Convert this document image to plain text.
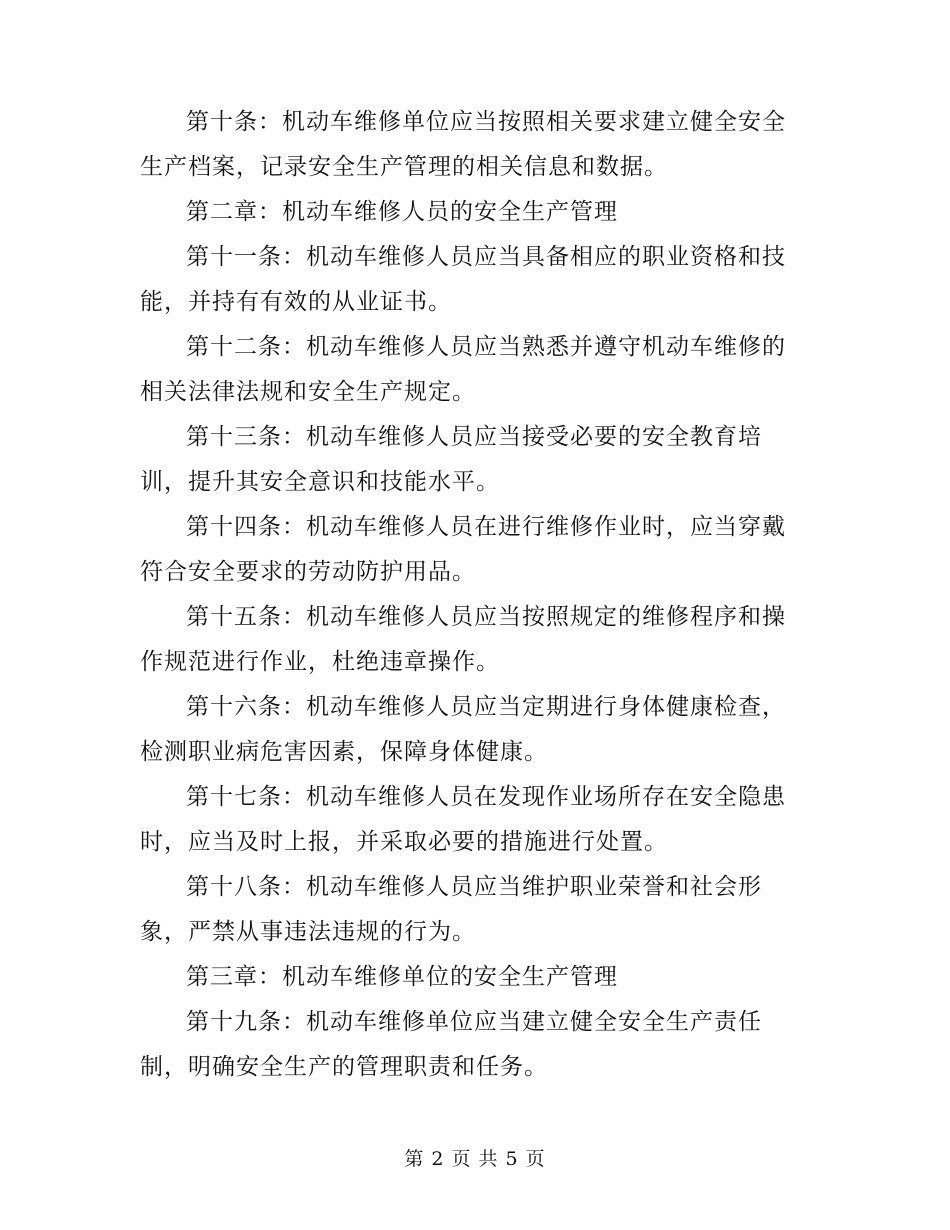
第十条：机动车维修单位应当按照相关要求建立健全安全生产档案，记录安全生产管理的相关信息和数据。

第二章：机动车维修人员的安全生产管理

第十一条：机动车维修人员应当具备相应的职业资格和技能，并持有有效的从业证书。

第十二条：机动车维修人员应当熟悉并遵守机动车维修的相关法律法规和安全生产规定。

第十三条：机动车维修人员应当接受必要的安全教育培训，提升其安全意识和技能水平。

第十四条：机动车维修人员在进行维修作业时，应当穿戴符合安全要求的劳动防护用品。

第十五条：机动车维修人员应当按照规定的维修程序和操作规范进行作业，杜绝违章操作。

第十六条：机动车维修人员应当定期进行身体健康检查，检测职业病危害因素，保障身体健康。

第十七条：机动车维修人员在发现作业场所存在安全隐患时，应当及时上报，并采取必要的措施进行处置。

第十八条：机动车维修人员应当维护职业荣誉和社会形象，严禁从事违法违规的行为。

第三章：机动车维修单位的安全生产管理

第十九条：机动车维修单位应当建立健全安全生产责任制，明确安全生产的管理职责和任务。

第 2 页 共 5 页
